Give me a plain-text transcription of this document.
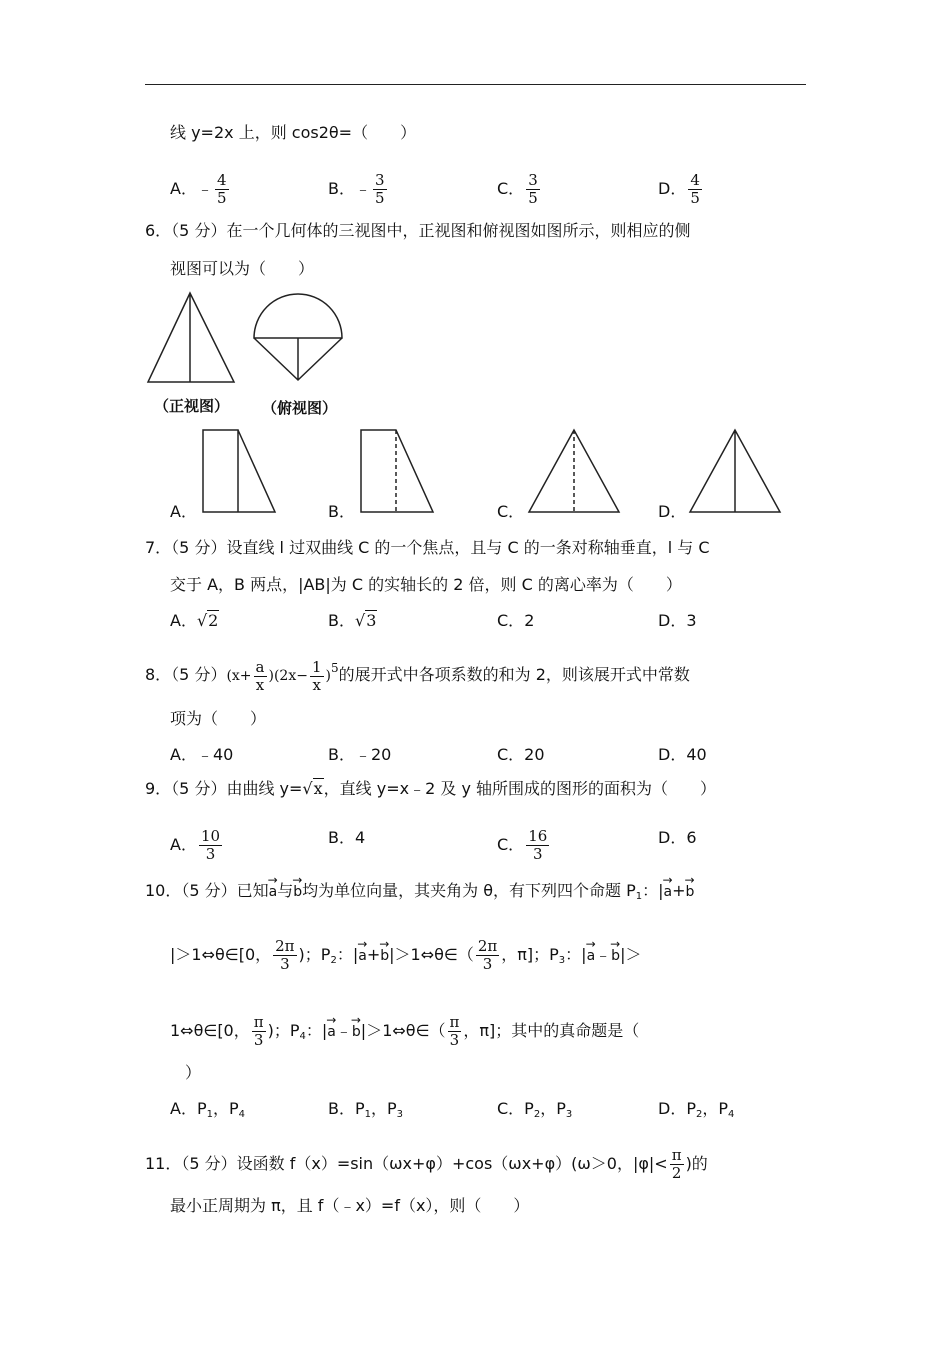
线 y=2x 上，则 cos2θ=（　　）
A．﹣ $\frac{4}{5}$	B．﹣ $\frac{3}{5}$	C． $\frac{3}{5}$	D． $\frac{4}{5}$
6．（5 分）在一个几何体的三视图中，正视图和俯视图如图所示，则相应的侧
视图可以为（　　）
（正视图） （俯视图）
A．	B．	C．	D．
7．（5 分）设直线 l 过双曲线 C 的一个焦点，且与 C 的一条对称轴垂直，l 与 C
交于 A，B 两点，|AB|为 C 的实轴长的 2 倍，则 C 的离心率为（　　）
A．√2	B．√3	C．2	D．3
8．（5 分）$(x+ \frac{a}{x} )(2x- \frac{1}{x} )5$的展开式中各项系数的和为 2，则该展开式中常数
项为（　　）
A．﹣40	B．﹣20	C．20	D．40
9．（5 分）由曲线 y=√x，直线 y=x﹣2 及 y 轴所围成的图形的面积为（　　）
A． $\frac{10}{3}$	B．4	C． $\frac{16}{3}$	D．6
10．（5 分）已知→ a与→ b均为单位向量，其夹角为 θ，有下列四个命题 $P_1$：|→ a+→ b
|＞1⇔θ∈[0， $\frac{2\pi}{3}$ )；$P_2$：|→ a+→ b|＞1⇔θ∈（ $\frac{2\pi}{3}$ ，π]；$P_3$：|→ a﹣→ b|＞
1⇔θ∈[0， $\frac{\pi}{3}$ )；$P_4$：|→ a﹣→ b|＞1⇔θ∈（ $\frac{\pi}{3}$ ，π]；其中的真命题是（
）
A．$P_1$，$P_4$	B．$P_1$，$P_3$	C．$P_2$，$P_3$	D．$P_2$，$P_4$
11．（5 分）设函数 f（x）=sin（ωx+φ）+cos（ωx+φ）(ω＞0，$|\varphi|< \frac{\pi}{2}$ )的
最小正周期为 π，且 f（﹣x）=f（x），则（　　）
